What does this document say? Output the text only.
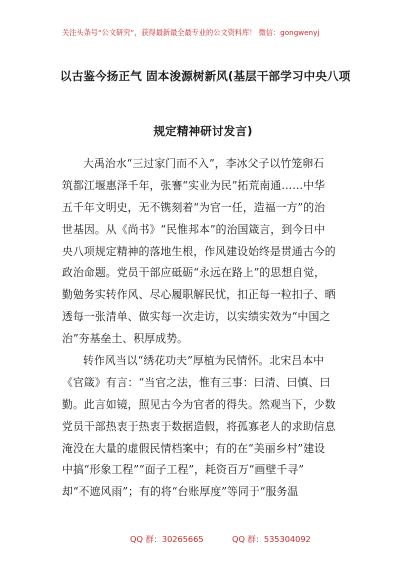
关注头条号“公文研究”，获得最新最全最专业的公文资料库！ 微信：gongwenyj
以古鉴今扬正气 固本浚源树新风(基层干部学习中央八项
规定精神研讨发言)
大禹治水“三过家门而不入”，李冰父子以竹笼卵石
筑都江堰惠泽千年，张謇“实业为民”拓荒南通……中华
五千年文明史，无不镌刻着“为官一任，造福一方”的治
世基因。从《尚书》“民惟邦本”的治国箴言，到今日中
央八项规定精神的落地生根，作风建设始终是贯通古今的
政治命题。党员干部应砥砺“永远在路上”的思想自觉，
勤勉务实转作风、尽心履职解民忧，扣正每一粒扣子、晒
透每一张清单、做实每一次走访，以实绩实效为“中国之
治”夯基垒土、积厚成势。
转作风当以“绣花功夫”厚植为民情怀。北宋吕本中
《官箴》有言：“当官之法，惟有三事：曰清、曰慎、曰
勤。此言如镜，照见古今为官者的得失。然观当下，少数
党员干部热衷于热衷于数据造假，将孤寡老人的求助信息
淹没在大量的虚假民情档案中；有的在“美丽乡村”建设
中搞“形象工程”“面子工程”，耗资百万“画壁千寻”
却“不遮风雨”；有的将“台账厚度”等同于“服务温
QQ 群：30265665	QQ 群：535304092
